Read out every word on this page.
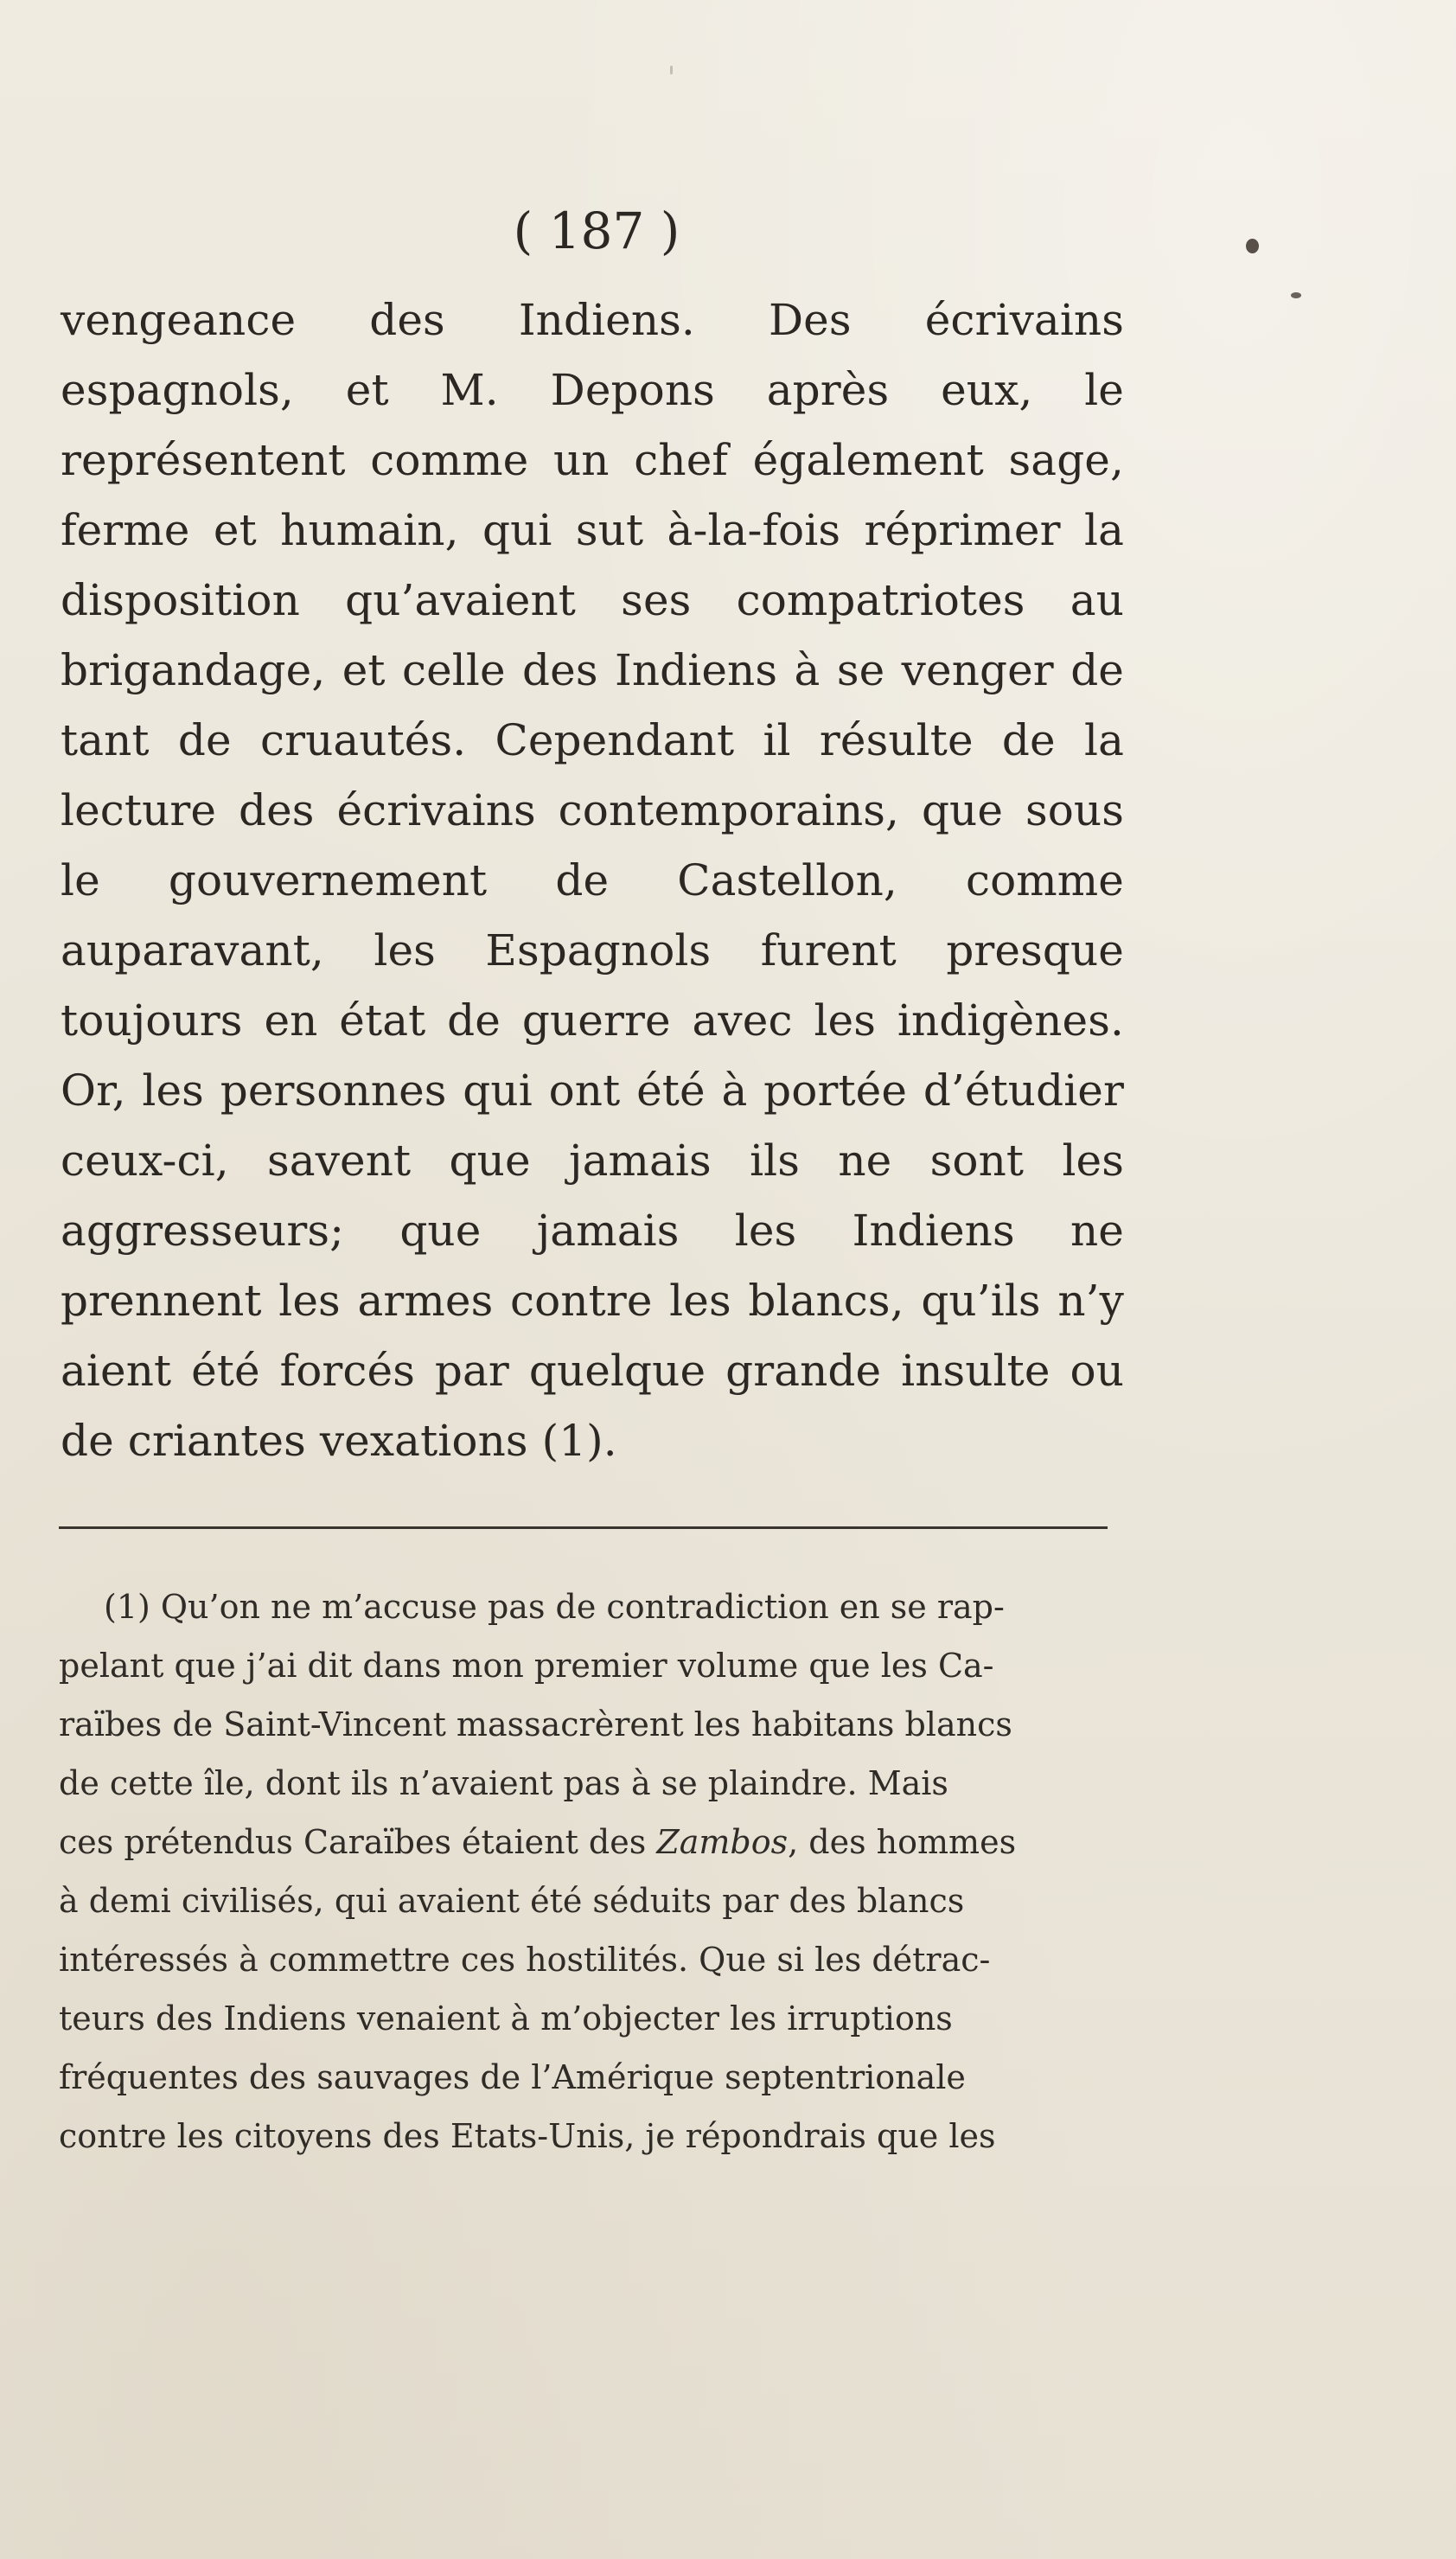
( 187 )

vengeance des Indiens. Des écrivains espagnols, et M. Depons après eux, le représentent comme un chef également sage, ferme et humain, qui sut à-la-fois réprimer la disposition qu’avaient ses compatriotes au brigandage, et celle des Indiens à se venger de tant de cruautés. Cependant il résulte de la lecture des écrivains contemporains, que sous le gouvernement de Castellon, comme auparavant, les Espagnols furent presque toujours en état de guerre avec les indigènes. Or, les personnes qui ont été à portée d’étudier ceux-ci, savent que jamais ils ne sont les aggresseurs; que jamais les Indiens ne prennent les armes contre les blancs, qu’ils n’y aient été forcés par quelque grande insulte ou de criantes vexations (1).

(1) Qu’on ne m’accuse pas de contradiction en se rap-
pelant que j’ai dit dans mon premier volume que les Ca-
raïbes de Saint-Vincent massacrèrent les habitans blancs
de cette île, dont ils n’avaient pas à se plaindre. Mais
ces prétendus Caraïbes étaient des Zambos, des hommes
à demi civilisés, qui avaient été séduits par des blancs
intéressés à commettre ces hostilités. Que si les détrac-
teurs des Indiens venaient à m’objecter les irruptions
fréquentes des sauvages de l’Amérique septentrionale
contre les citoyens des Etats-Unis, je répondrais que les
